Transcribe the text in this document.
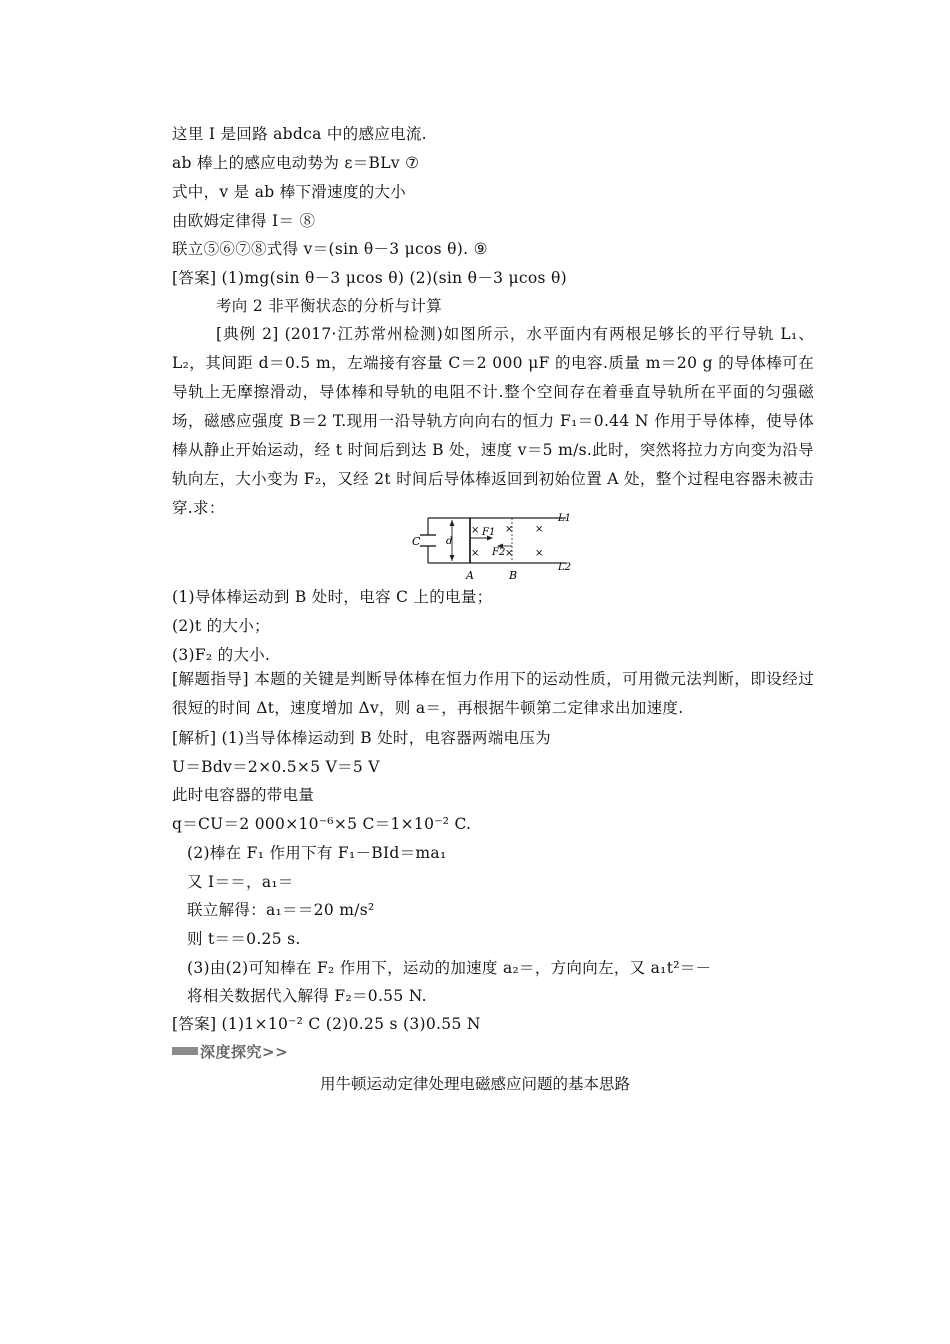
这里 I 是回路 abdca 中的感应电流.
ab 棒上的感应电动势为 ε＝BLv ⑦
式中，v 是 ab 棒下滑速度的大小
由欧姆定律得 I＝ ⑧
联立⑤⑥⑦⑧式得 v＝(sin θ－3 μcos θ). ⑨
[答案] (1)mg(sin θ－3 μcos θ) (2)(sin θ－3 μcos θ)
考向 2 非平衡状态的分析与计算
[典例 2] (2017·江苏常州检测)如图所示，水平面内有两根足够长的平行导轨 L₁、L₂，其间距 d＝0.5 m，左端接有容量 C＝2 000 μF 的电容.质量 m＝20 g 的导体棒可在导轨上无摩擦滑动，导体棒和导轨的电阻不计.整个空间存在着垂直导轨所在平面的匀强磁场，磁感应强度 B＝2 T.现用一沿导轨方向向右的恒力 F₁＝0.44 N 作用于导体棒，使导体棒从静止开始运动，经 t 时间后到达 B 处，速度 v＝5 m/s.此时，突然将拉力方向变为沿导轨向左，大小变为 F₂，又经 2t 时间后导体棒返回到初始位置 A 处，整个过程电容器未被击穿.求：
C	d
×	× ×
×	× ×
F1
F2
L1
L2
A	B
(1)导体棒运动到 B 处时，电容 C 上的电量；
(2)t 的大小；
(3)F₂ 的大小.
[解题指导] 本题的关键是判断导体棒在恒力作用下的运动性质，可用微元法判断，即设经过很短的时间 Δt，速度增加 Δv，则 a＝，再根据牛顿第二定律求出加速度.
[解析] (1)当导体棒运动到 B 处时，电容器两端电压为
U＝Bdv＝2×0.5×5 V＝5 V
此时电容器的带电量
q＝CU＝2 000×10⁻⁶×5 C＝1×10⁻² C.
(2)棒在 F₁ 作用下有 F₁－BId＝ma₁
又 I＝＝，a₁＝
联立解得：a₁＝＝20 m/s²
则 t＝＝0.25 s.
(3)由(2)可知棒在 F₂ 作用下，运动的加速度 a₂＝，方向向左，又 a₁t²＝－
将相关数据代入解得 F₂＝0.55 N.
[答案] (1)1×10⁻² C (2)0.25 s (3)0.55 N
深度探究>>
用牛顿运动定律处理电磁感应问题的基本思路
